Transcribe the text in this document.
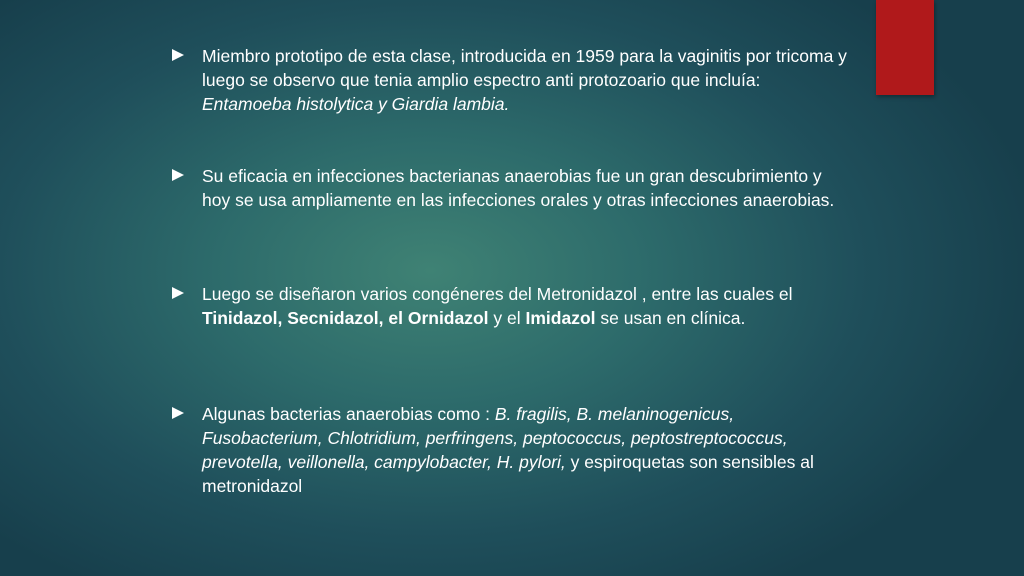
Miembro prototipo de esta clase, introducida en 1959 para la vaginitis por tricoma y luego se observo que tenia amplio espectro anti protozoario que incluía: Entamoeba histolytica y Giardia lambia.
Su eficacia en infecciones bacterianas anaerobias fue un gran descubrimiento y hoy se usa ampliamente en las infecciones orales y otras infecciones anaerobias.
Luego se diseñaron varios congéneres del Metronidazol , entre las cuales el Tinidazol, Secnidazol, el Ornidazol y el Imidazol se usan en clínica.
Algunas bacterias anaerobias como : B. fragilis, B. melaninogenicus, Fusobacterium, Chlotridium, perfringens, peptococcus, peptostreptococcus, prevotella, veillonella, campylobacter, H. pylori, y espiroquetas son sensibles al metronidazol
